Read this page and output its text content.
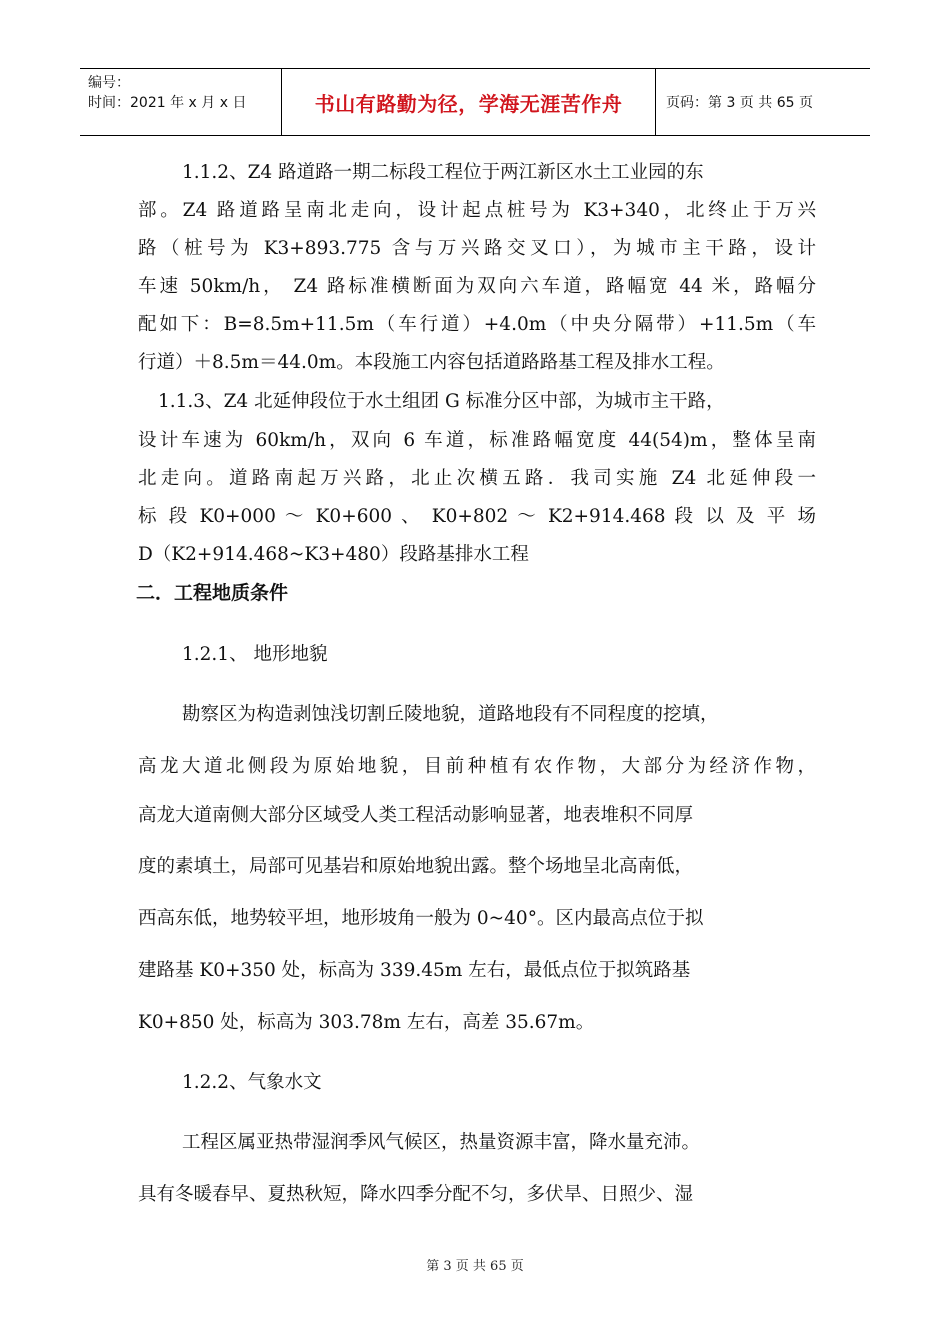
编号：
时间：2021 年 x 月 x 日	书山有路勤为径，学海无涯苦作舟	页码：第 3 页 共 65 页
1.1.2、Z4 路道路一期二标段工程位于两江新区水土工业园的东
部。Z4 路道路呈南北走向，设计起点桩号为 K3+340，北终止于万兴
路（桩号为 K3+893.775 含与万兴路交叉口），为城市主干路，设计
车速 50km/h， Z4 路标准横断面为双向六车道，路幅宽 44 米，路幅分
配如下：B=8.5m+11.5m（车行道）+4.0m（中央分隔带）+11.5m（车
行道）＋8.5m＝44.0m。本段施工内容包括道路路基工程及排水工程。
1.1.3、Z4 北延伸段位于水土组团 G 标准分区中部，为城市主干路，
设计车速为 60km/h，双向 6 车道，标准路幅宽度 44(54)m，整体呈南
北走向。道路南起万兴路，北止次横五路．我司实施 Z4 北延伸段一
标 段 K0+000 ～ K0+600 、 K0+802 ～ K2+914.468 段 以 及 平 场
D（K2+914.468~K3+480）段路基排水工程
二．工程地质条件
1.2.1、 地形地貌
勘察区为构造剥蚀浅切割丘陵地貌，道路地段有不同程度的挖填，
高龙大道北侧段为原始地貌，目前种植有农作物，大部分为经济作物，
高龙大道南侧大部分区域受人类工程活动影响显著，地表堆积不同厚
度的素填土，局部可见基岩和原始地貌出露。整个场地呈北高南低，
西高东低，地势较平坦，地形坡角一般为 0~40°。区内最高点位于拟
建路基 K0+350 处，标高为 339.45m 左右，最低点位于拟筑路基
K0+850 处，标高为 303.78m 左右，高差 35.67m。
1.2.2、气象水文
工程区属亚热带湿润季风气候区，热量资源丰富，降水量充沛。
具有冬暖春早、夏热秋短，降水四季分配不匀，多伏旱、日照少、湿
第 3 页 共 65 页
